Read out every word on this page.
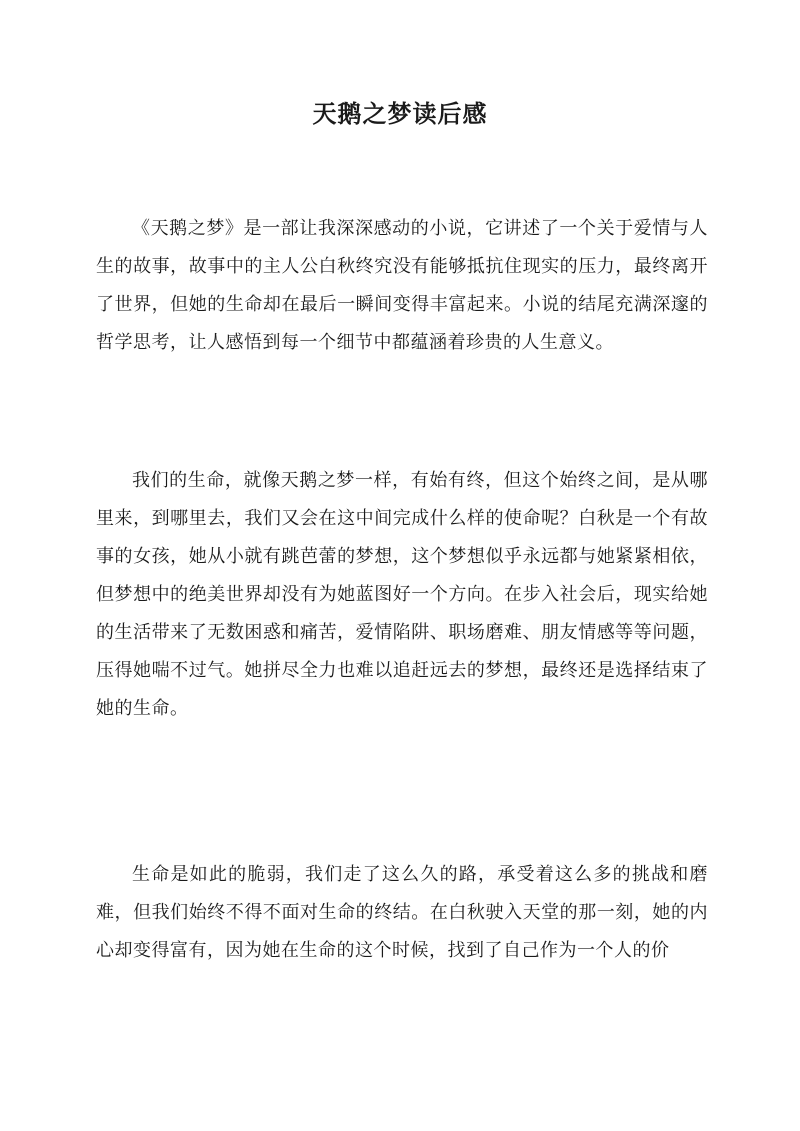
天鹅之梦读后感

《天鹅之梦》是一部让我深深感动的小说，它讲述了一个关于爱情与人生的故事，故事中的主人公白秋终究没有能够抵抗住现实的压力，最终离开了世界，但她的生命却在最后一瞬间变得丰富起来。小说的结尾充满深邃的哲学思考，让人感悟到每一个细节中都蕴涵着珍贵的人生意义。

我们的生命，就像天鹅之梦一样，有始有终，但这个始终之间，是从哪里来，到哪里去，我们又会在这中间完成什么样的使命呢？白秋是一个有故事的女孩，她从小就有跳芭蕾的梦想，这个梦想似乎永远都与她紧紧相依，但梦想中的绝美世界却没有为她蓝图好一个方向。在步入社会后，现实给她的生活带来了无数困惑和痛苦，爱情陷阱、职场磨难、朋友情感等等问题，压得她喘不过气。她拼尽全力也难以追赶远去的梦想，最终还是选择结束了她的生命。

生命是如此的脆弱，我们走了这么久的路，承受着这么多的挑战和磨难，但我们始终不得不面对生命的终结。在白秋驶入天堂的那一刻，她的内心却变得富有，因为她在生命的这个时候，找到了自己作为一个人的价
